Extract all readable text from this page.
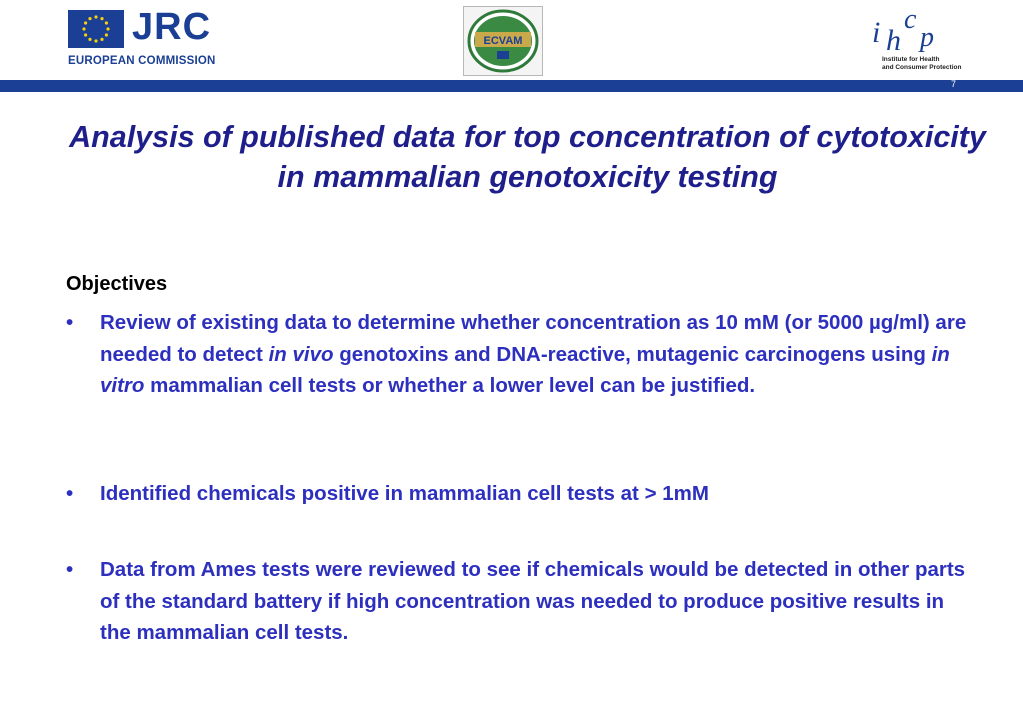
JRC
EUROPEAN COMMISSION
ECVAM	i h
c
p
Institute for Health
and Consumer Protection
7
Analysis of published data for top concentration of cytotoxicity in mammalian genotoxicity testing
Objectives
• Review of existing data to determine whether concentration as 10 mM (or 5000 µg/ml) are needed to detect in vivo genotoxins and DNA-reactive, mutagenic carcinogens using in vitro mammalian cell tests or whether a lower level can be justified.
• Identified chemicals positive in mammalian cell tests at > 1mM
• Data from Ames tests were reviewed to see if chemicals would be detected in other parts of the standard battery if high concentration was needed to produce positive results in the mammalian cell tests.
